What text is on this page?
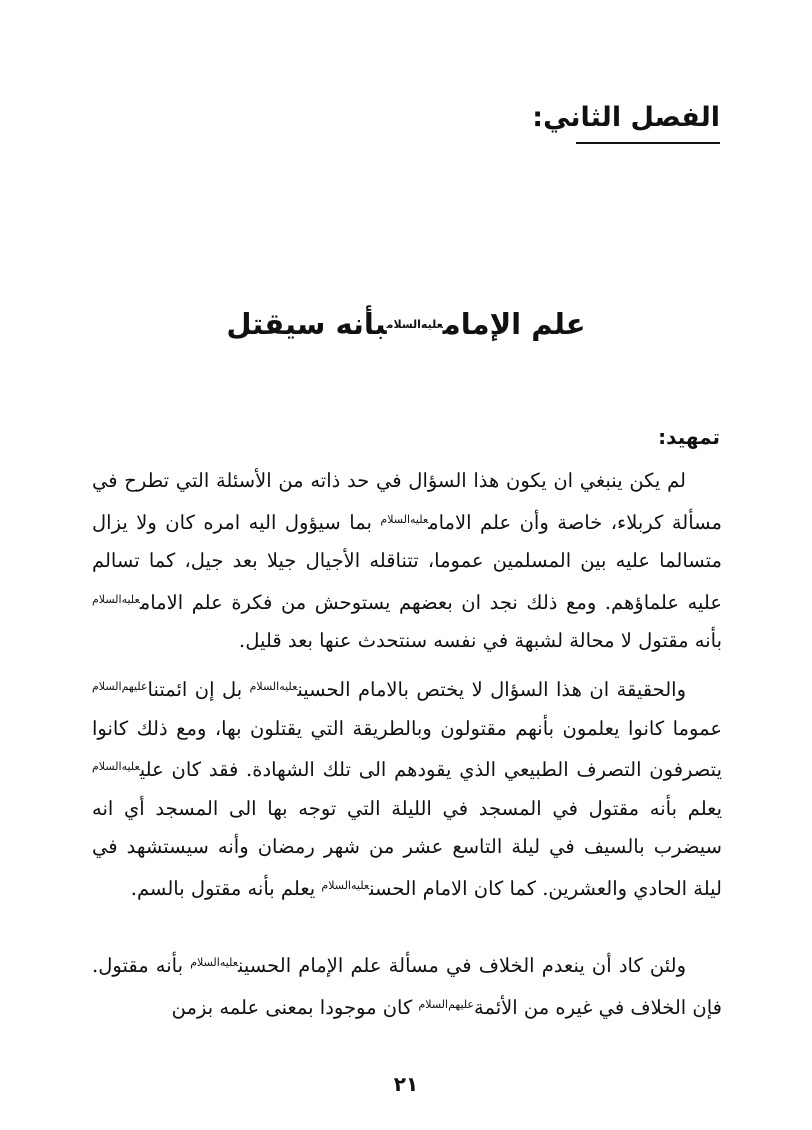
الفصل الثاني:
علم الإمام$^{عليه‌السلام}$بأنه سيقتل
تمهيد:

لم يكن ينبغي ان يكون هذا السؤال في حد ذاته من الأسئلة التي تطرح في مسألة كربلاء، خاصة وأن علم الامام$^{عليه‌السلام}$ بما سيؤول اليه امره كان ولا يزال متسالما عليه بين المسلمين عموما، تتناقله الأجيال جيلا بعد جيل، كما تسالم عليه علماؤهم. ومع ذلك نجد ان بعضهم يستوحش من فكرة علم الامام$^{عليه‌السلام}$ بأنه مقتول لا محالة لشبهة في نفسه سنتحدث عنها بعد قليل.

والحقيقة ان هذا السؤال لا يختص بالامام الحسين$^{عليه‌السلام}$ بل إن ائمتنا$^{عليهم‌السلام}$ عموما كانوا يعلمون بأنهم مقتولون وبالطريقة التي يقتلون بها، ومع ذلك كانوا يتصرفون التصرف الطبيعي الذي يقودهم الى تلك الشهادة. فقد كان علي$^{عليه‌السلام}$ يعلم بأنه مقتول في المسجد في الليلة التي توجه بها الى المسجد أي انه سيضرب بالسيف في ليلة التاسع عشر من شهر رمضان وأنه سيستشهد في ليلة الحادي والعشرين. كما كان الامام الحسن$^{عليه‌السلام}$ يعلم بأنه مقتول بالسم.

ولئن كاد أن ينعدم الخلاف في مسألة علم الإمام الحسين$^{عليه‌السلام}$ بأنه مقتول. فإن الخلاف في غيره من الأئمة$^{عليهم‌السلام}$ كان موجودا بمعنى علمه بزمن

٢١
